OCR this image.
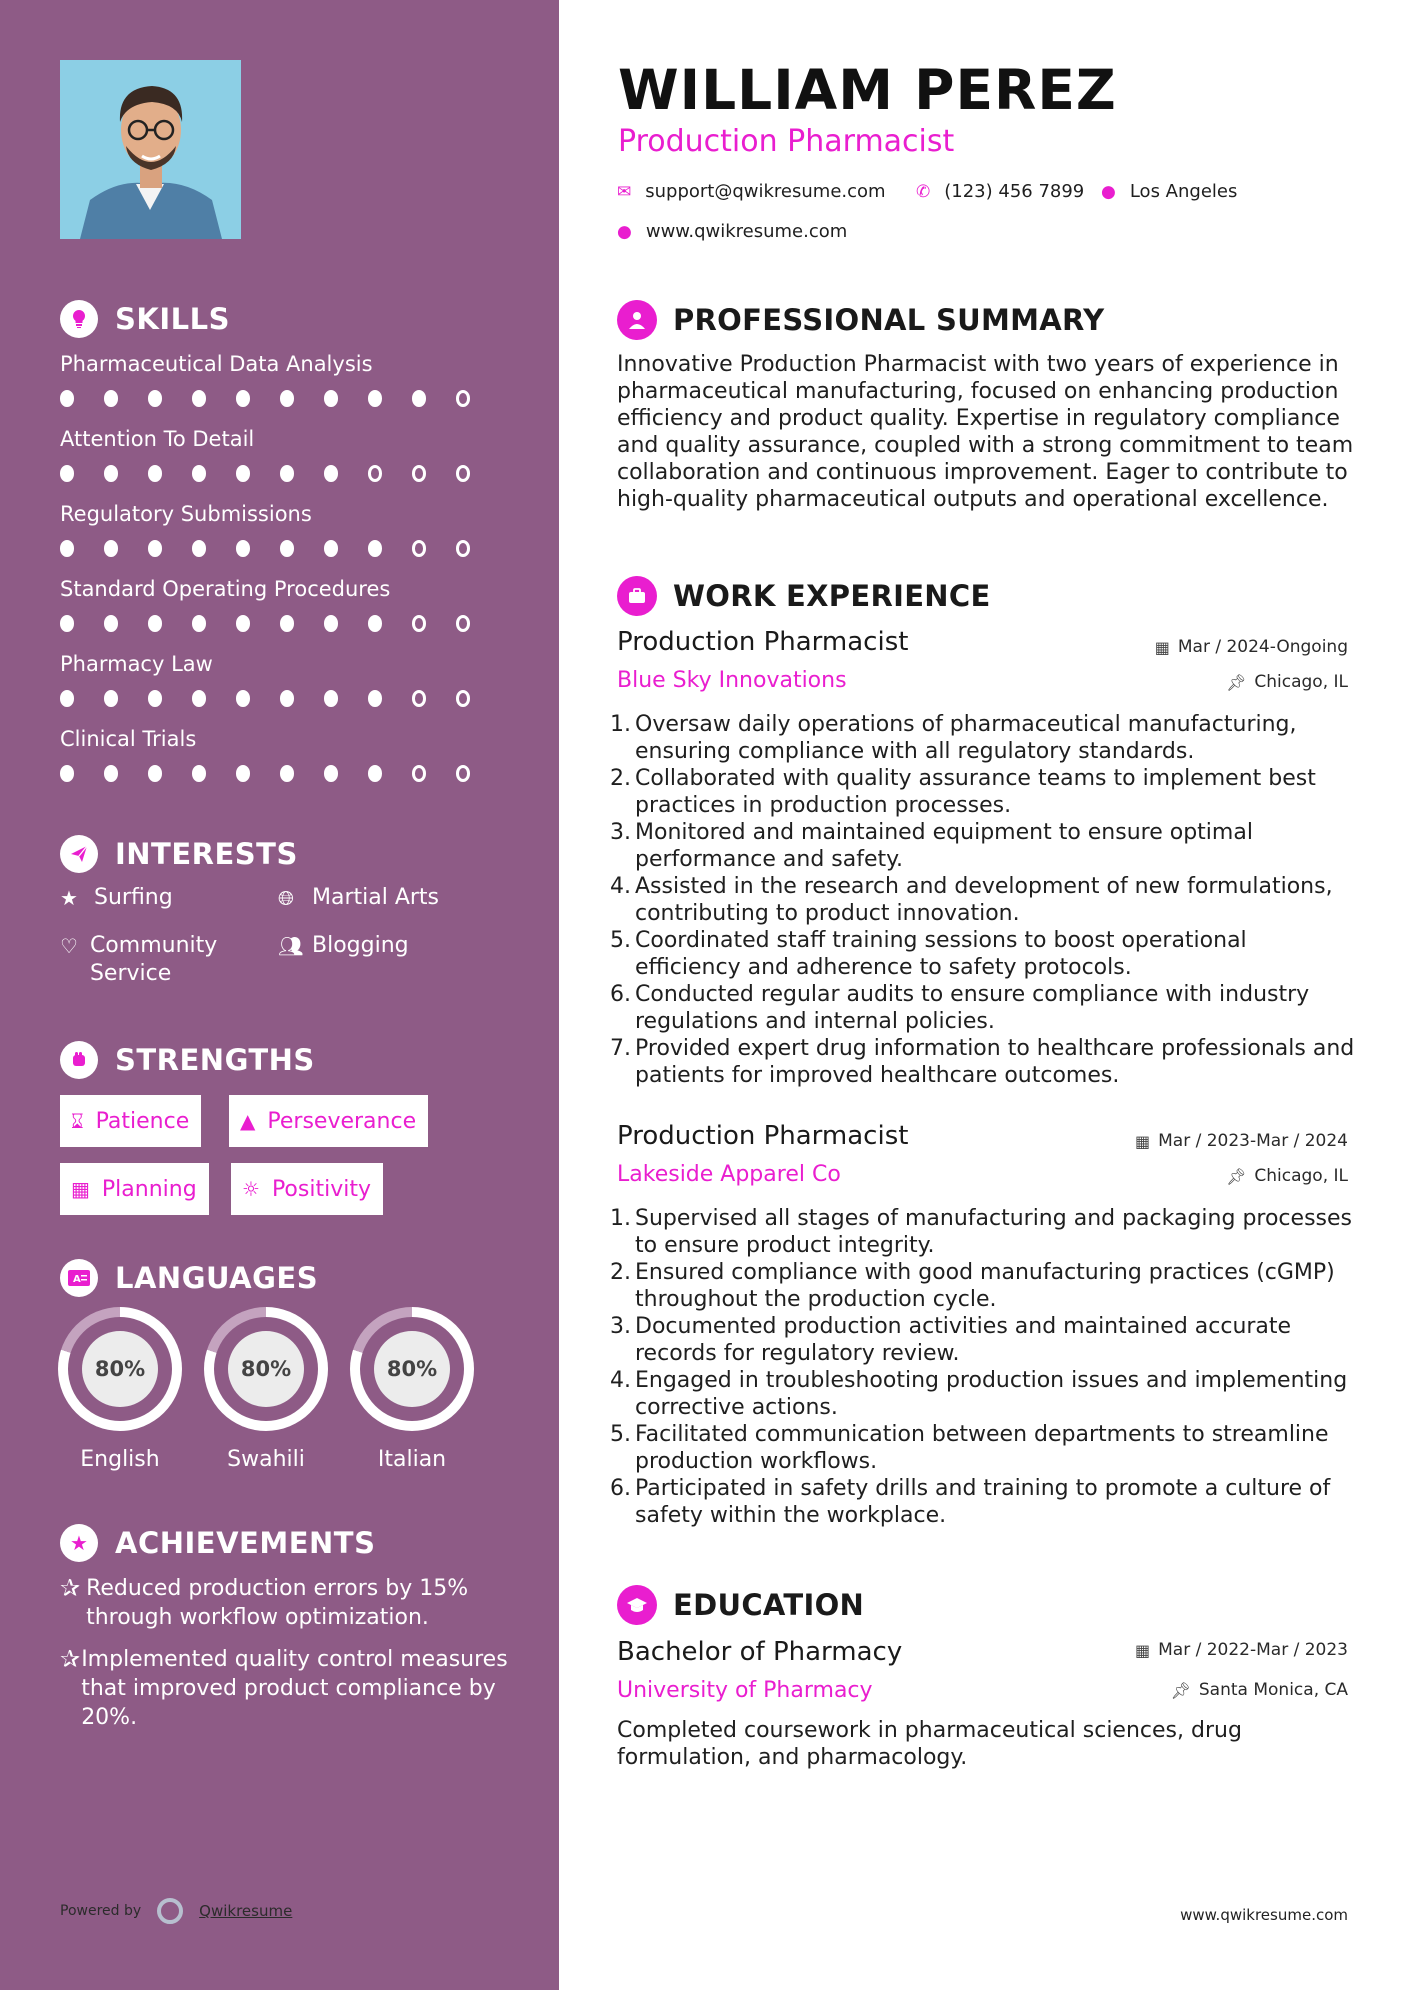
SKILLS
Pharmaceutical Data Analysis
Attention To Detail
Regulatory Submissions
Standard Operating Procedures
Pharmacy Law
Clinical Trials
INTERESTS
★ Surfing	🌐︎ Martial Arts
♡ Community Service
👥︎ Blogging
STRENGTHS
⌛︎ Patience	▲ Perseverance
▦ Planning ☼ Positivity
A LANGUAGES
80%
English
80%
Swahili
80%
Italian
★ ACHIEVEMENTS
✰ Reduced production errors by 15% through workflow optimization.
✰ Implemented quality control measures that improved product compliance by 20%.
Powered by	Qwikresume
WILLIAM PEREZ
Production Pharmacist
✉ support@qwikresume.com ✆ (123) 456 7899 ● Los Angeles
● www.qwikresume.com
PROFESSIONAL SUMMARY
Innovative Production Pharmacist with two years of experience in pharmaceutical manufacturing, focused on enhancing production efficiency and product quality. Expertise in regulatory compliance and quality assurance, coupled with a strong commitment to team collaboration and continuous improvement. Eager to contribute to high-quality pharmaceutical outputs and operational excellence.
WORK EXPERIENCE
Production Pharmacist	▦ Mar / 2024-Ongoing
Blue Sky Innovations	📌︎ Chicago, IL
1. Oversaw daily operations of pharmaceutical manufacturing, ensuring compliance with all regulatory standards.
2. Collaborated with quality assurance teams to implement best practices in production processes.
3. Monitored and maintained equipment to ensure optimal performance and safety.
4. Assisted in the research and development of new formulations, contributing to product innovation.
5. Coordinated staff training sessions to boost operational efficiency and adherence to safety protocols.
6. Conducted regular audits to ensure compliance with industry regulations and internal policies.
7. Provided expert drug information to healthcare professionals and patients for improved healthcare outcomes.
Production Pharmacist	▦ Mar / 2023-Mar / 2024
Lakeside Apparel Co	📌︎ Chicago, IL
1. Supervised all stages of manufacturing and packaging processes to ensure product integrity.
2. Ensured compliance with good manufacturing practices (cGMP) throughout the production cycle.
3. Documented production activities and maintained accurate records for regulatory review.
4. Engaged in troubleshooting production issues and implementing corrective actions.
5. Facilitated communication between departments to streamline production workflows.
6. Participated in safety drills and training to promote a culture of safety within the workplace.
EDUCATION
Bachelor of Pharmacy	▦ Mar / 2022-Mar / 2023
University of Pharmacy	📌︎ Santa Monica, CA
Completed coursework in pharmaceutical sciences, drug formulation, and pharmacology.
www.qwikresume.com
